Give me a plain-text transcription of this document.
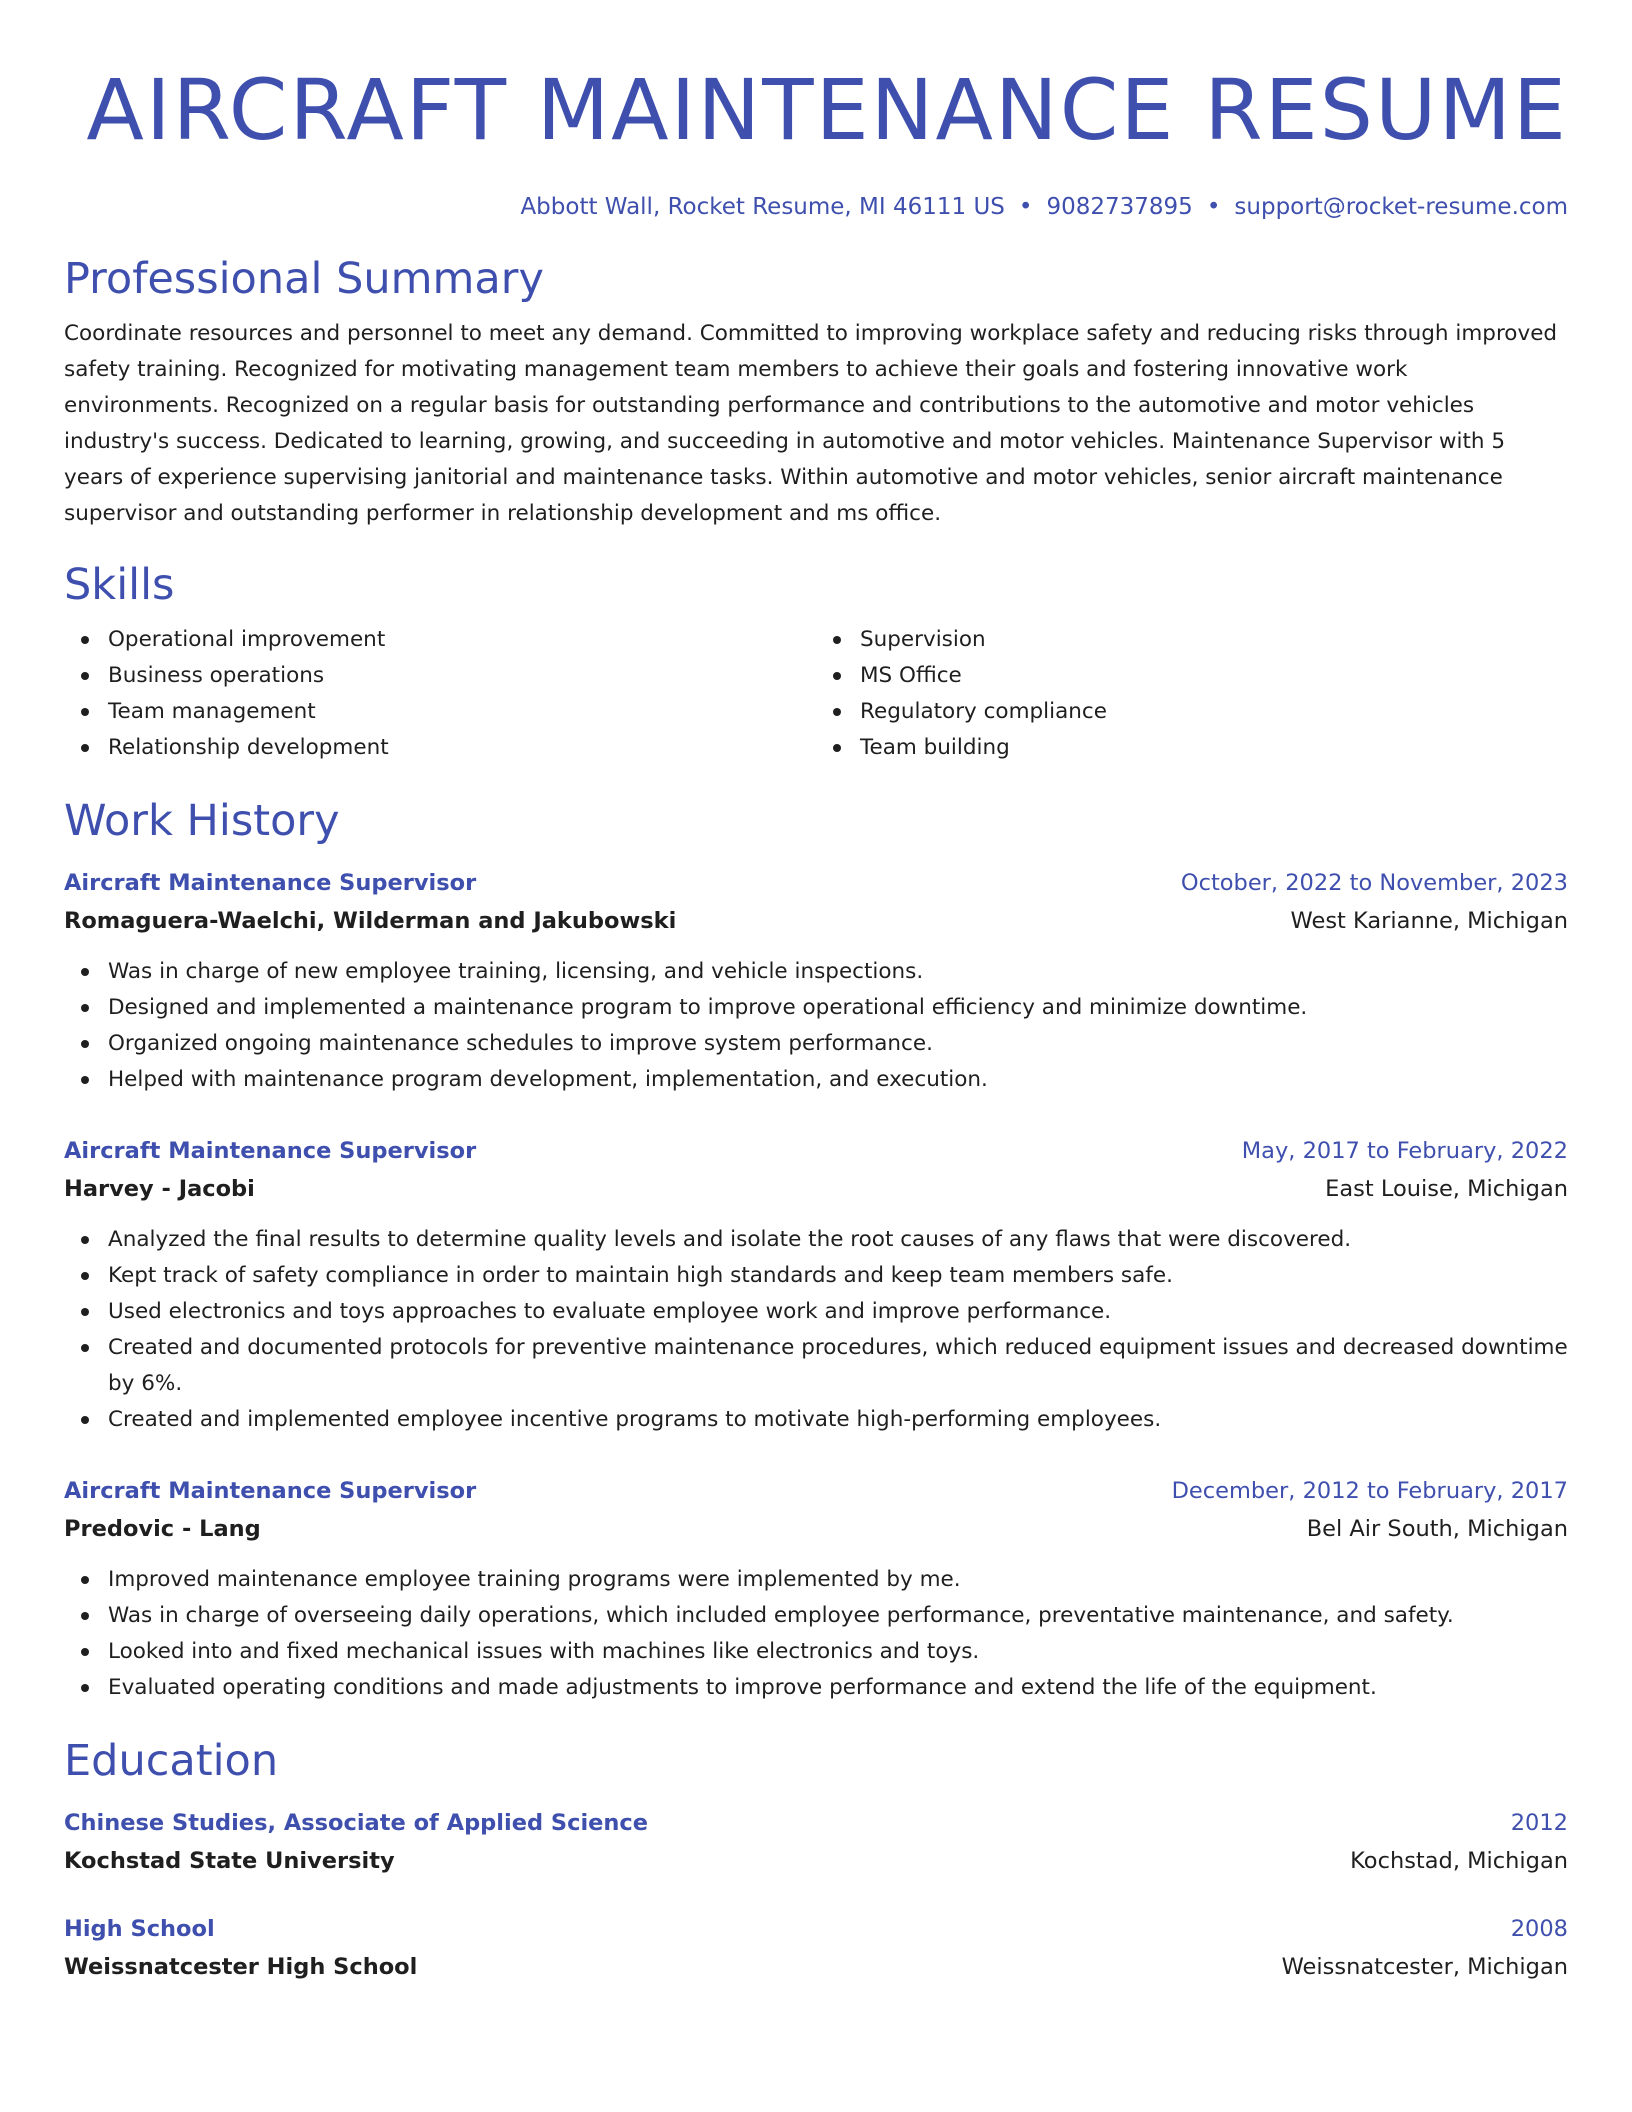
AIRCRAFT MAINTENANCE RESUME
Abbott Wall, Rocket Resume, MI 46111 US • 9082737895 • support@rocket-resume.com
Professional Summary

Coordinate resources and personnel to meet any demand. Committed to improving workplace safety and reducing risks through improved safety training. Recognized for motivating management team members to achieve their goals and fostering innovative work environments. Recognized on a regular basis for outstanding performance and contributions to the automotive and motor vehicles industry's success. Dedicated to learning, growing, and succeeding in automotive and motor vehicles. Maintenance Supervisor with 5 years of experience supervising janitorial and maintenance tasks. Within automotive and motor vehicles, senior aircraft maintenance supervisor and outstanding performer in relationship development and ms office.

Skills
Operational improvement
Business operations
Team management
Relationship development
Supervision
MS Office
Regulatory compliance
Team building
Work History
Aircraft Maintenance Supervisor	October, 2022 to November, 2023
Romaguera-Waelchi, Wilderman and Jakubowski	West Karianne, Michigan
Was in charge of new employee training, licensing, and vehicle inspections.
Designed and implemented a maintenance program to improve operational efficiency and minimize downtime.
Organized ongoing maintenance schedules to improve system performance.
Helped with maintenance program development, implementation, and execution.
Aircraft Maintenance Supervisor	May, 2017 to February, 2022
Harvey - Jacobi	East Louise, Michigan
Analyzed the final results to determine quality levels and isolate the root causes of any flaws that were discovered.
Kept track of safety compliance in order to maintain high standards and keep team members safe.
Used electronics and toys approaches to evaluate employee work and improve performance.
Created and documented protocols for preventive maintenance procedures, which reduced equipment issues and decreased downtime by 6%.
Created and implemented employee incentive programs to motivate high-performing employees.
Aircraft Maintenance Supervisor	December, 2012 to February, 2017
Predovic - Lang	Bel Air South, Michigan
Improved maintenance employee training programs were implemented by me.
Was in charge of overseeing daily operations, which included employee performance, preventative maintenance, and safety.
Looked into and fixed mechanical issues with machines like electronics and toys.
Evaluated operating conditions and made adjustments to improve performance and extend the life of the equipment.
Education
Chinese Studies, Associate of Applied Science	2012
Kochstad State University	Kochstad, Michigan
High School	2008
Weissnatcester High School	Weissnatcester, Michigan
